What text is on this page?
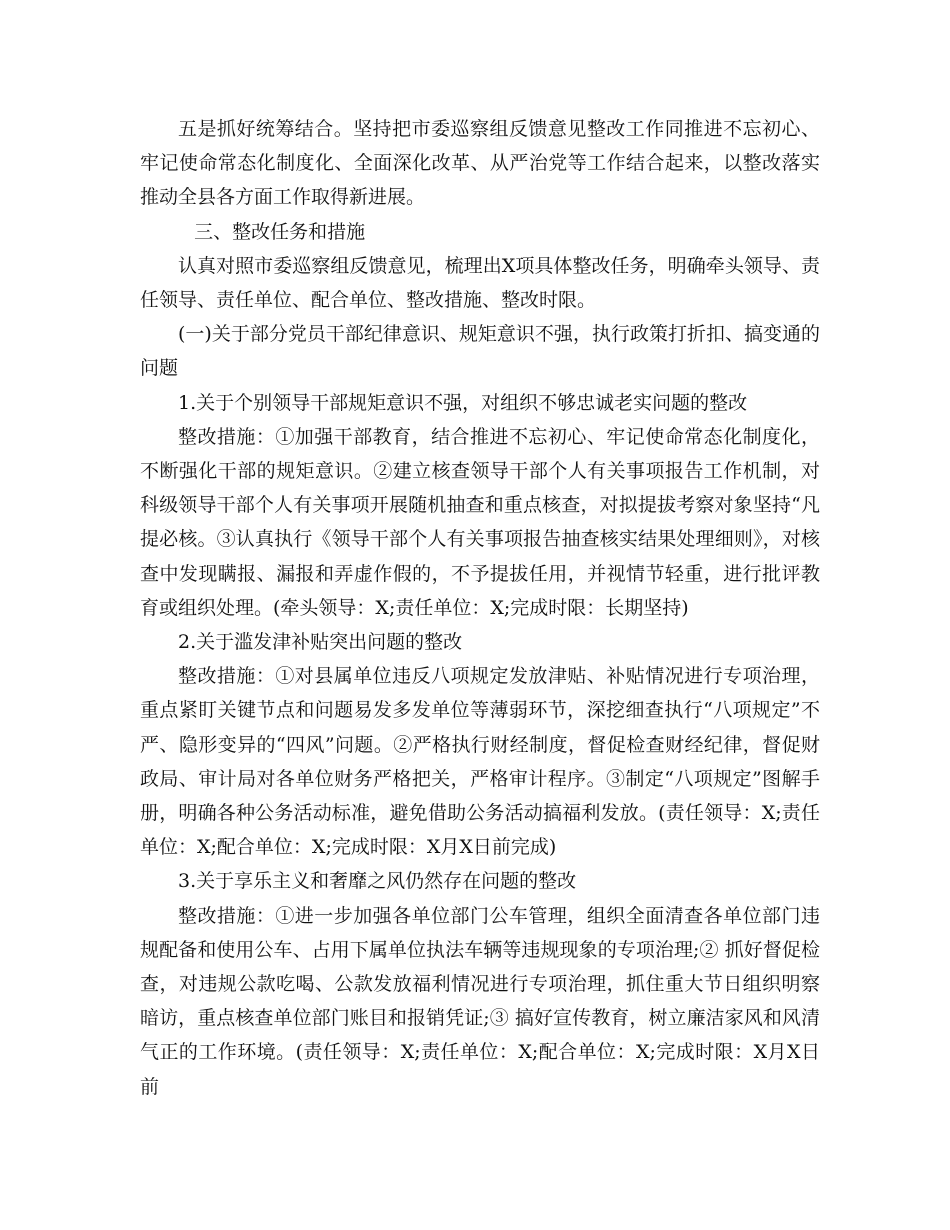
五是抓好统筹结合。坚持把市委巡察组反馈意见整改工作同推进不忘初心、牢记使命常态化制度化、全面深化改革、从严治党等工作结合起来，以整改落实推动全县各方面工作取得新进展。

三、整改任务和措施

认真对照市委巡察组反馈意见，梳理出X项具体整改任务，明确牵头领导、责任领导、责任单位、配合单位、整改措施、整改时限。

(一)关于部分党员干部纪律意识、规矩意识不强，执行政策打折扣、搞变通的问题

1.关于个别领导干部规矩意识不强，对组织不够忠诚老实问题的整改

整改措施：①加强干部教育，结合推进不忘初心、牢记使命常态化制度化，不断强化干部的规矩意识。②建立核查领导干部个人有关事项报告工作机制，对科级领导干部个人有关事项开展随机抽查和重点核查，对拟提拔考察对象坚持“凡提必核。③认真执行《领导干部个人有关事项报告抽查核实结果处理细则》，对核查中发现瞒报、漏报和弄虚作假的，不予提拔任用，并视情节轻重，进行批评教育或组织处理。(牵头领导：X;责任单位：X;完成时限：长期坚持)

2.关于滥发津补贴突出问题的整改

整改措施：①对县属单位违反八项规定发放津贴、补贴情况进行专项治理，重点紧盯关键节点和问题易发多发单位等薄弱环节，深挖细查执行“八项规定”不严、隐形变异的“四风”问题。②严格执行财经制度，督促检查财经纪律，督促财政局、审计局对各单位财务严格把关，严格审计程序。③制定“八项规定”图解手册，明确各种公务活动标准，避免借助公务活动搞福利发放。(责任领导：X;责任单位：X;配合单位：X;完成时限：X月X日前完成)

3.关于享乐主义和奢靡之风仍然存在问题的整改

整改措施：①进一步加强各单位部门公车管理，组织全面清查各单位部门违规配备和使用公车、占用下属单位执法车辆等违规现象的专项治理;② 抓好督促检查，对违规公款吃喝、公款发放福利情况进行专项治理，抓住重大节日组织明察暗访，重点核查单位部门账目和报销凭证;③ 搞好宣传教育，树立廉洁家风和风清气正的工作环境。(责任领导：X;责任单位：X;配合单位：X;完成时限：X月X日前
